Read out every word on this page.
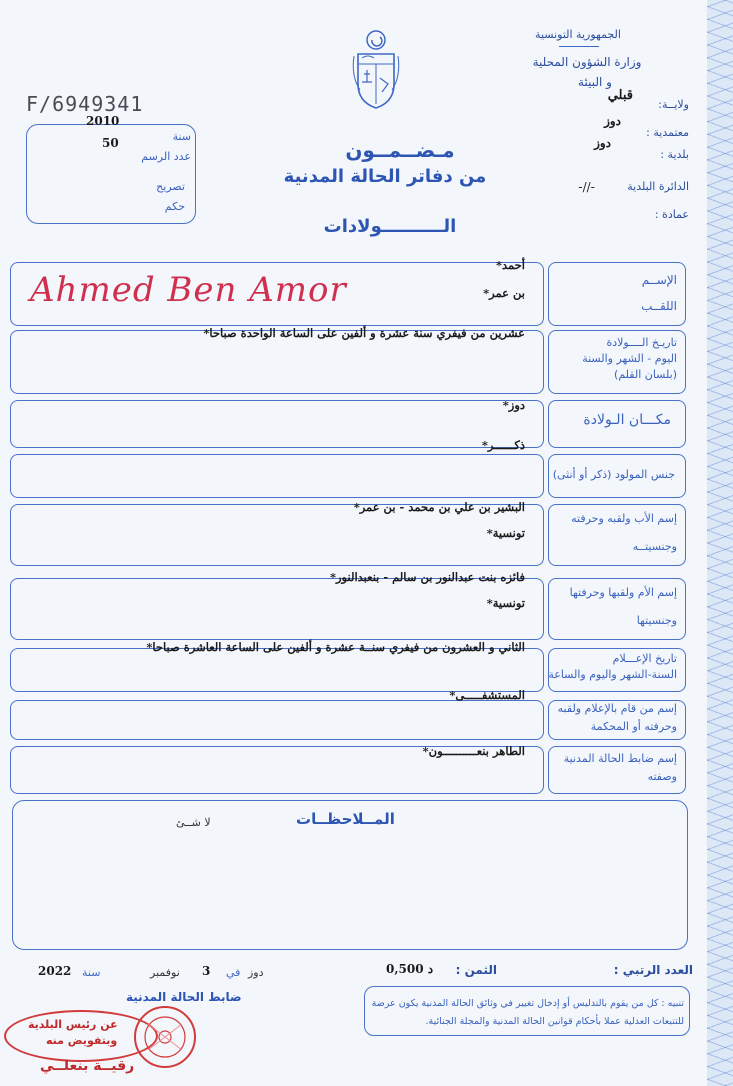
الجمهورية التونسية
وزارة الشؤون المحلية
و البيئة
ولايــة:
قبلي
دوز
معتمدية :
دوز
بلدية :
الدائرة البلدية
-//-
عمادة :
F/6949341
2010
سنة
50
عدد الرسم
تصريح
حكم
مـضــمــون
من دفاتر الحالة المدنية
الــــــــــولادات
الإســم
اللقــب
أحمد*
بن عمر*
Ahmed Ben Amor
تاريـخ الــــولادة
اليوم - الشهر والسنة
(بلسان القلم)
عشرين من فيفري سنة عشرة و ألفين على الساعة الواحدة صباحا*
مكـــان الـولادة
دوز*
ذكــــــر*
جنس المولود (ذكر أو أنثى)
إسم الأب ولقبه وحرفته
وجنسيتــه
البشير بن علي بن محمد - بن عمر*
تونسية*
إسم الأم ولقبها وحرفتها
وجنسيتها
فائزه بنت عبدالنور بن سالم - بنعبدالنور*
تونسية*
تاريخ الإعـــلام
السنة-الشهر واليوم والساعة
الثاني و العشرون من فيفري سنــة عشرة و ألفين على الساعة العاشرة صباحا*
إسم من قام بالإعلام ولقبه
وحرفته أو المحكمة
المستشفـــــى*
إسم ضابط الحالة المدنية
وصفته
الطاهر بنعــــــــــون*
المــلاحظــات
لا شــئ
العدد الرتبي :
الثمن :
0,500 د
دوز
في
3
نوفمبر
سنة
2022
ضابط الحالة المدنية	تنبيه : كل من يقوم بالتدليس أو إدخال تغيير في وثائق الحالة المدنية يكون عرضة
للتتبعات العدلية عملا بأحكام قوانين الحالة المدنية والمجلة الجنائية.
عن رئيس البلدية
وبتفويض منه
رقيــة بنعلــي
